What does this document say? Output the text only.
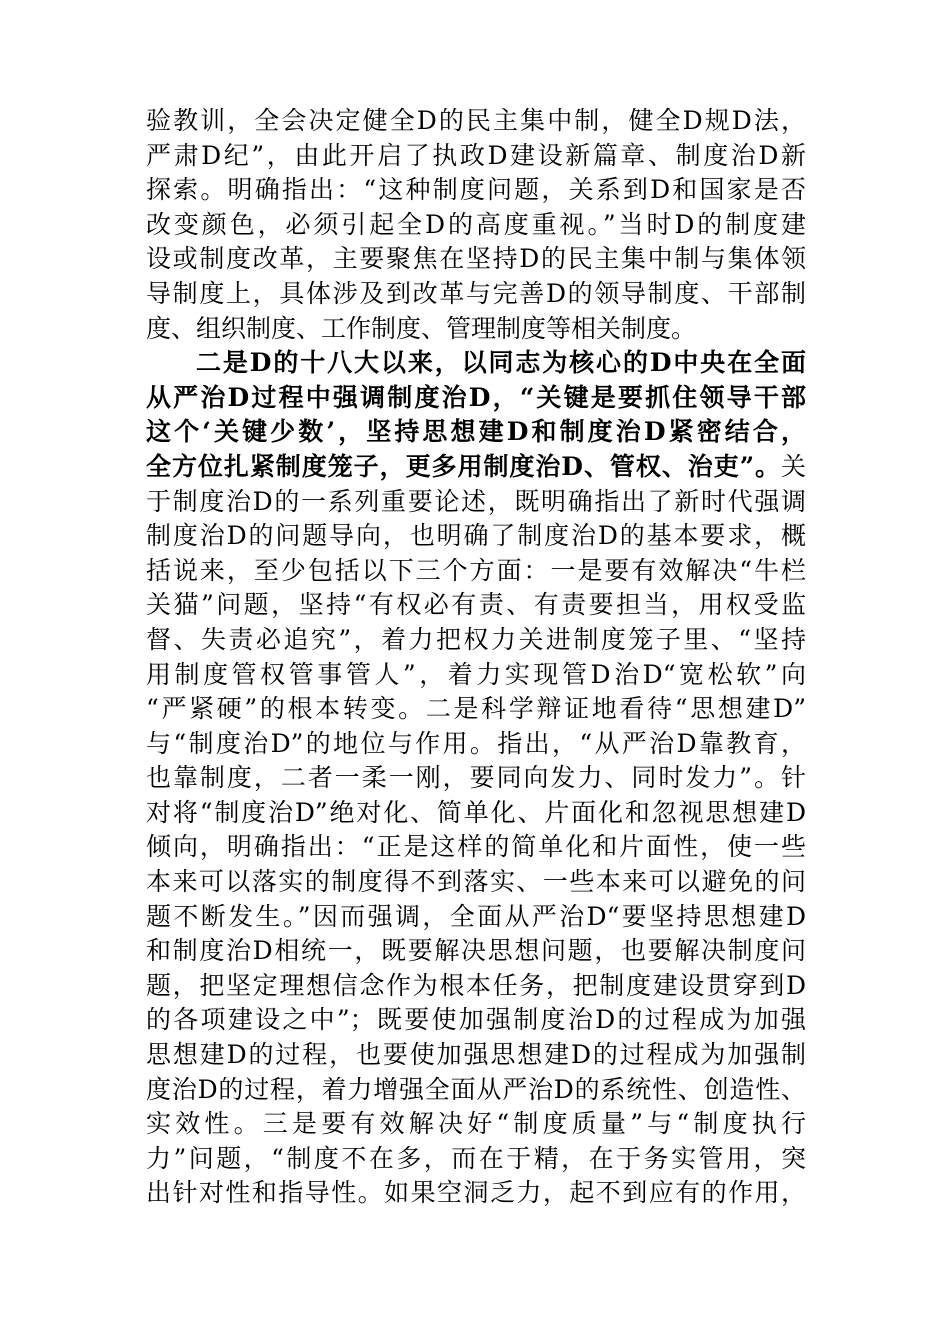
验教训，全会决定健全D的民主集中制，健全D规D法，
严肃D纪”，由此开启了执政D建设新篇章、制度治D新
探索。明确指出：“这种制度问题，关系到D和国家是否
改变颜色，必须引起全D的高度重视。”当时D的制度建
设或制度改革，主要聚焦在坚持D的民主集中制与集体领
导制度上，具体涉及到改革与完善D的领导制度、干部制
度、组织制度、工作制度、管理制度等相关制度。
二是D的十八大以来，以同志为核心的D中央在全面
从严治D过程中强调制度治D，“关键是要抓住领导干部
这个‘关键少数’，坚持思想建D和制度治D紧密结合，
全方位扎紧制度笼子，更多用制度治D、管权、治吏”。关
于制度治D的一系列重要论述，既明确指出了新时代强调
制度治D的问题导向，也明确了制度治D的基本要求，概
括说来，至少包括以下三个方面：一是要有效解决“牛栏
关猫”问题，坚持“有权必有责、有责要担当，用权受监
督、失责必追究”，着力把权力关进制度笼子里、“坚持
用制度管权管事管人”，着力实现管D治D“宽松软”向
“严紧硬”的根本转变。二是科学辩证地看待“思想建D”
与“制度治D”的地位与作用。指出，“从严治D靠教育，
也靠制度，二者一柔一刚，要同向发力、同时发力”。针
对将“制度治D”绝对化、简单化、片面化和忽视思想建D
倾向，明确指出：“正是这样的简单化和片面性，使一些
本来可以落实的制度得不到落实、一些本来可以避免的问
题不断发生。”因而强调，全面从严治D“要坚持思想建D
和制度治D相统一，既要解决思想问题，也要解决制度问
题，把坚定理想信念作为根本任务，把制度建设贯穿到D
的各项建设之中”；既要使加强制度治D的过程成为加强
思想建D的过程，也要使加强思想建D的过程成为加强制
度治D的过程，着力增强全面从严治D的系统性、创造性、
实效性。三是要有效解决好“制度质量”与“制度执行
力”问题，“制度不在多，而在于精，在于务实管用，突
出针对性和指导性。如果空洞乏力，起不到应有的作用，
